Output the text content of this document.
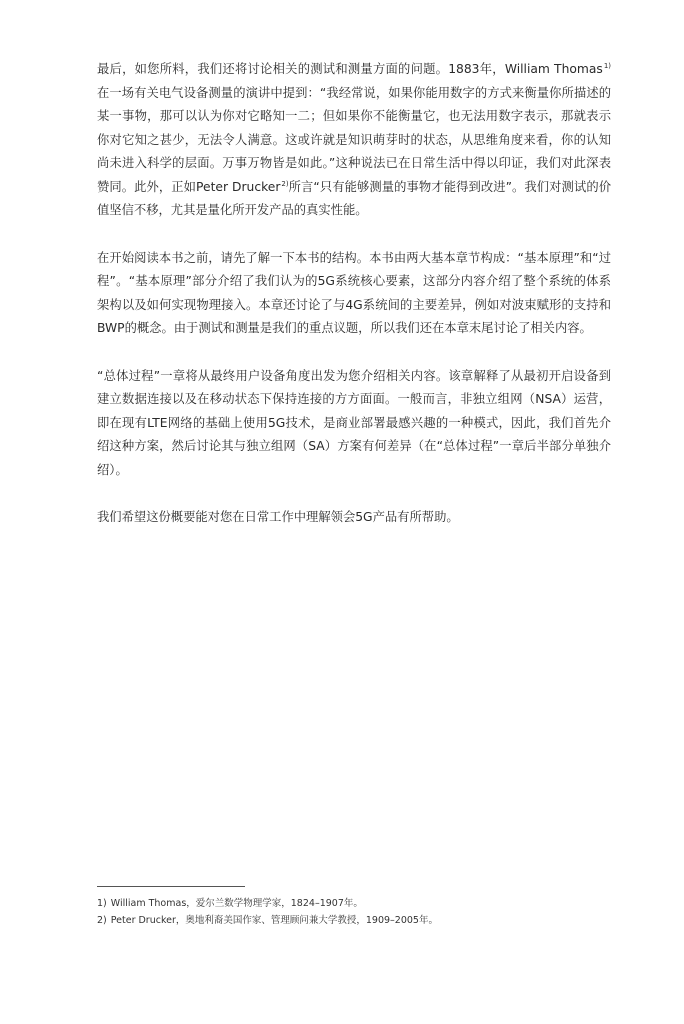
最后，如您所料，我们还将讨论相关的测试和测量方面的问题。1883年，William Thomas$^{1)}$ 在一场有关电气设备测量的演讲中提到：“我经常说，如果你能用数字的方式来衡量你所描述的某一事物，那可以认为你对它略知一二；但如果你不能衡量它，也无法用数字表示，那就表示你对它知之甚少，无法令人满意。这或许就是知识萌芽时的状态，从思维角度来看，你的认知尚未进入科学的层面。万事万物皆是如此。”这种说法已在日常生活中得以印证，我们对此深表赞同。此外，正如Peter Drucker$^{2)}$所言“只有能够测量的事物才能得到改进”。我们对测试的价值坚信不移，尤其是量化所开发产品的真实性能。

在开始阅读本书之前，请先了解一下本书的结构。本书由两大基本章节构成：“基本原理”和“过程”。“基本原理”部分介绍了我们认为的5G系统核心要素，这部分内容介绍了整个系统的体系架构以及如何实现物理接入。本章还讨论了与4G系统间的主要差异，例如对波束赋形的支持和BWP的概念。由于测试和测量是我们的重点议题，所以我们还在本章末尾讨论了相关内容。

“总体过程”一章将从最终用户设备角度出发为您介绍相关内容。该章解释了从最初开启设备到建立数据连接以及在移动状态下保持连接的方方面面。一般而言，非独立组网（NSA）运营，即在现有LTE网络的基础上使用5G技术，是商业部署最感兴趣的一种模式，因此，我们首先介绍这种方案，然后讨论其与独立组网（SA）方案有何差异（在“总体过程”一章后半部分单独介绍）。

我们希望这份概要能对您在日常工作中理解领会5G产品有所帮助。

1) William Thomas，爱尔兰数学物理学家，1824–1907年。
2) Peter Drucker，奥地利裔美国作家、管理顾问兼大学教授，1909–2005年。
